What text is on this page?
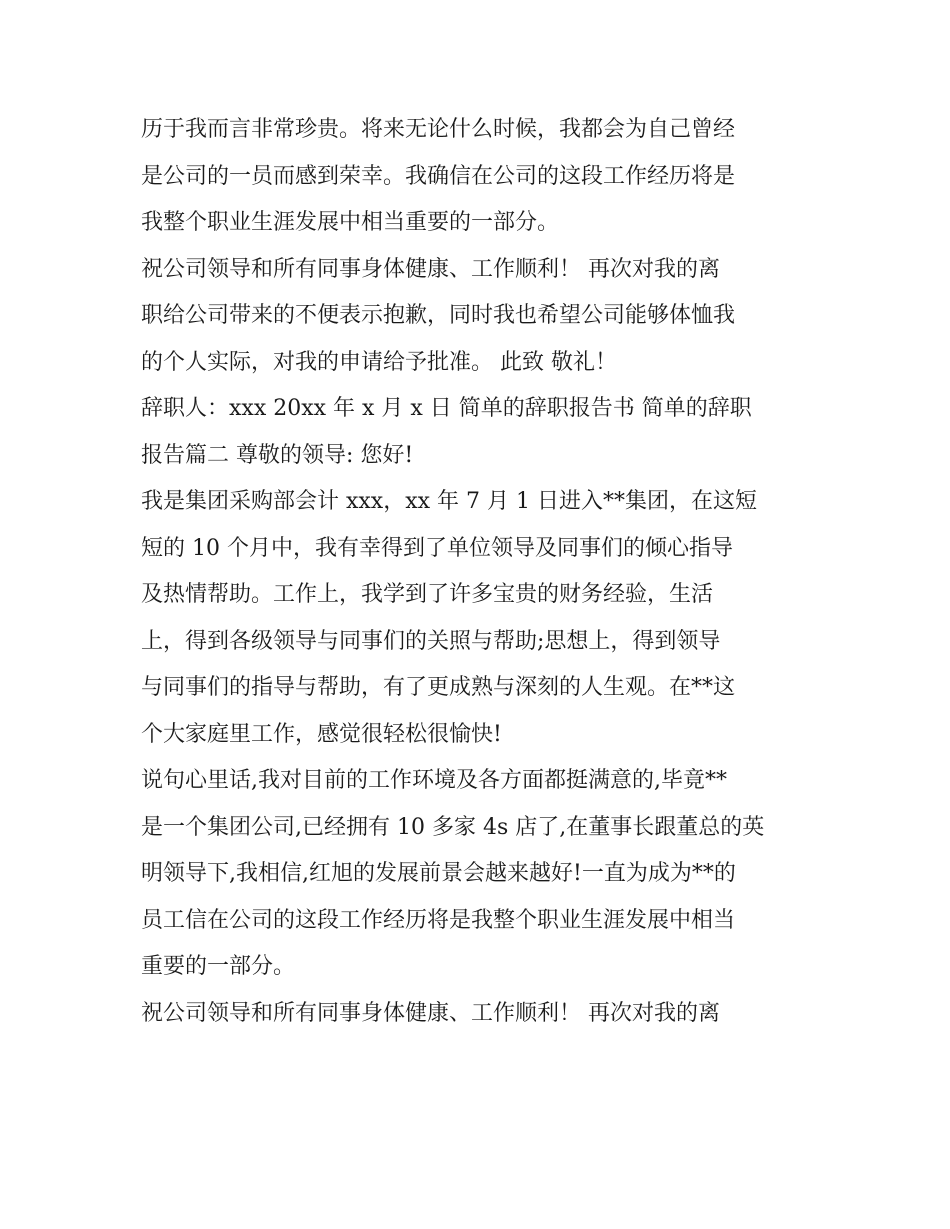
历于我而言非常珍贵。将来无论什么时候，我都会为自己曾经
是公司的一员而感到荣幸。我确信在公司的这段工作经历将是
我整个职业生涯发展中相当重要的一部分。
祝公司领导和所有同事身体健康、工作顺利！ 再次对我的离
职给公司带来的不便表示抱歉，同时我也希望公司能够体恤我
的个人实际，对我的申请给予批准。 此致 敬礼！
辞职人：xxx 20xx 年 x 月 x 日 简单的辞职报告书 简单的辞职
报告篇二 尊敬的领导: 您好!
我是集团采购部会计 xxx，xx 年 7 月 1 日进入**集团，在这短
短的 10 个月中，我有幸得到了单位领导及同事们的倾心指导
及热情帮助。工作上，我学到了许多宝贵的财务经验，生活
上，得到各级领导与同事们的关照与帮助;思想上，得到领导
与同事们的指导与帮助，有了更成熟与深刻的人生观。在**这
个大家庭里工作，感觉很轻松很愉快!
说句心里话,我对目前的工作环境及各方面都挺满意的,毕竟**
是一个集团公司,已经拥有 10 多家 4s 店了,在董事长跟董总的英
明领导下,我相信,红旭的发展前景会越来越好!一直为成为**的
员工信在公司的这段工作经历将是我整个职业生涯发展中相当
重要的一部分。
祝公司领导和所有同事身体健康、工作顺利！ 再次对我的离
